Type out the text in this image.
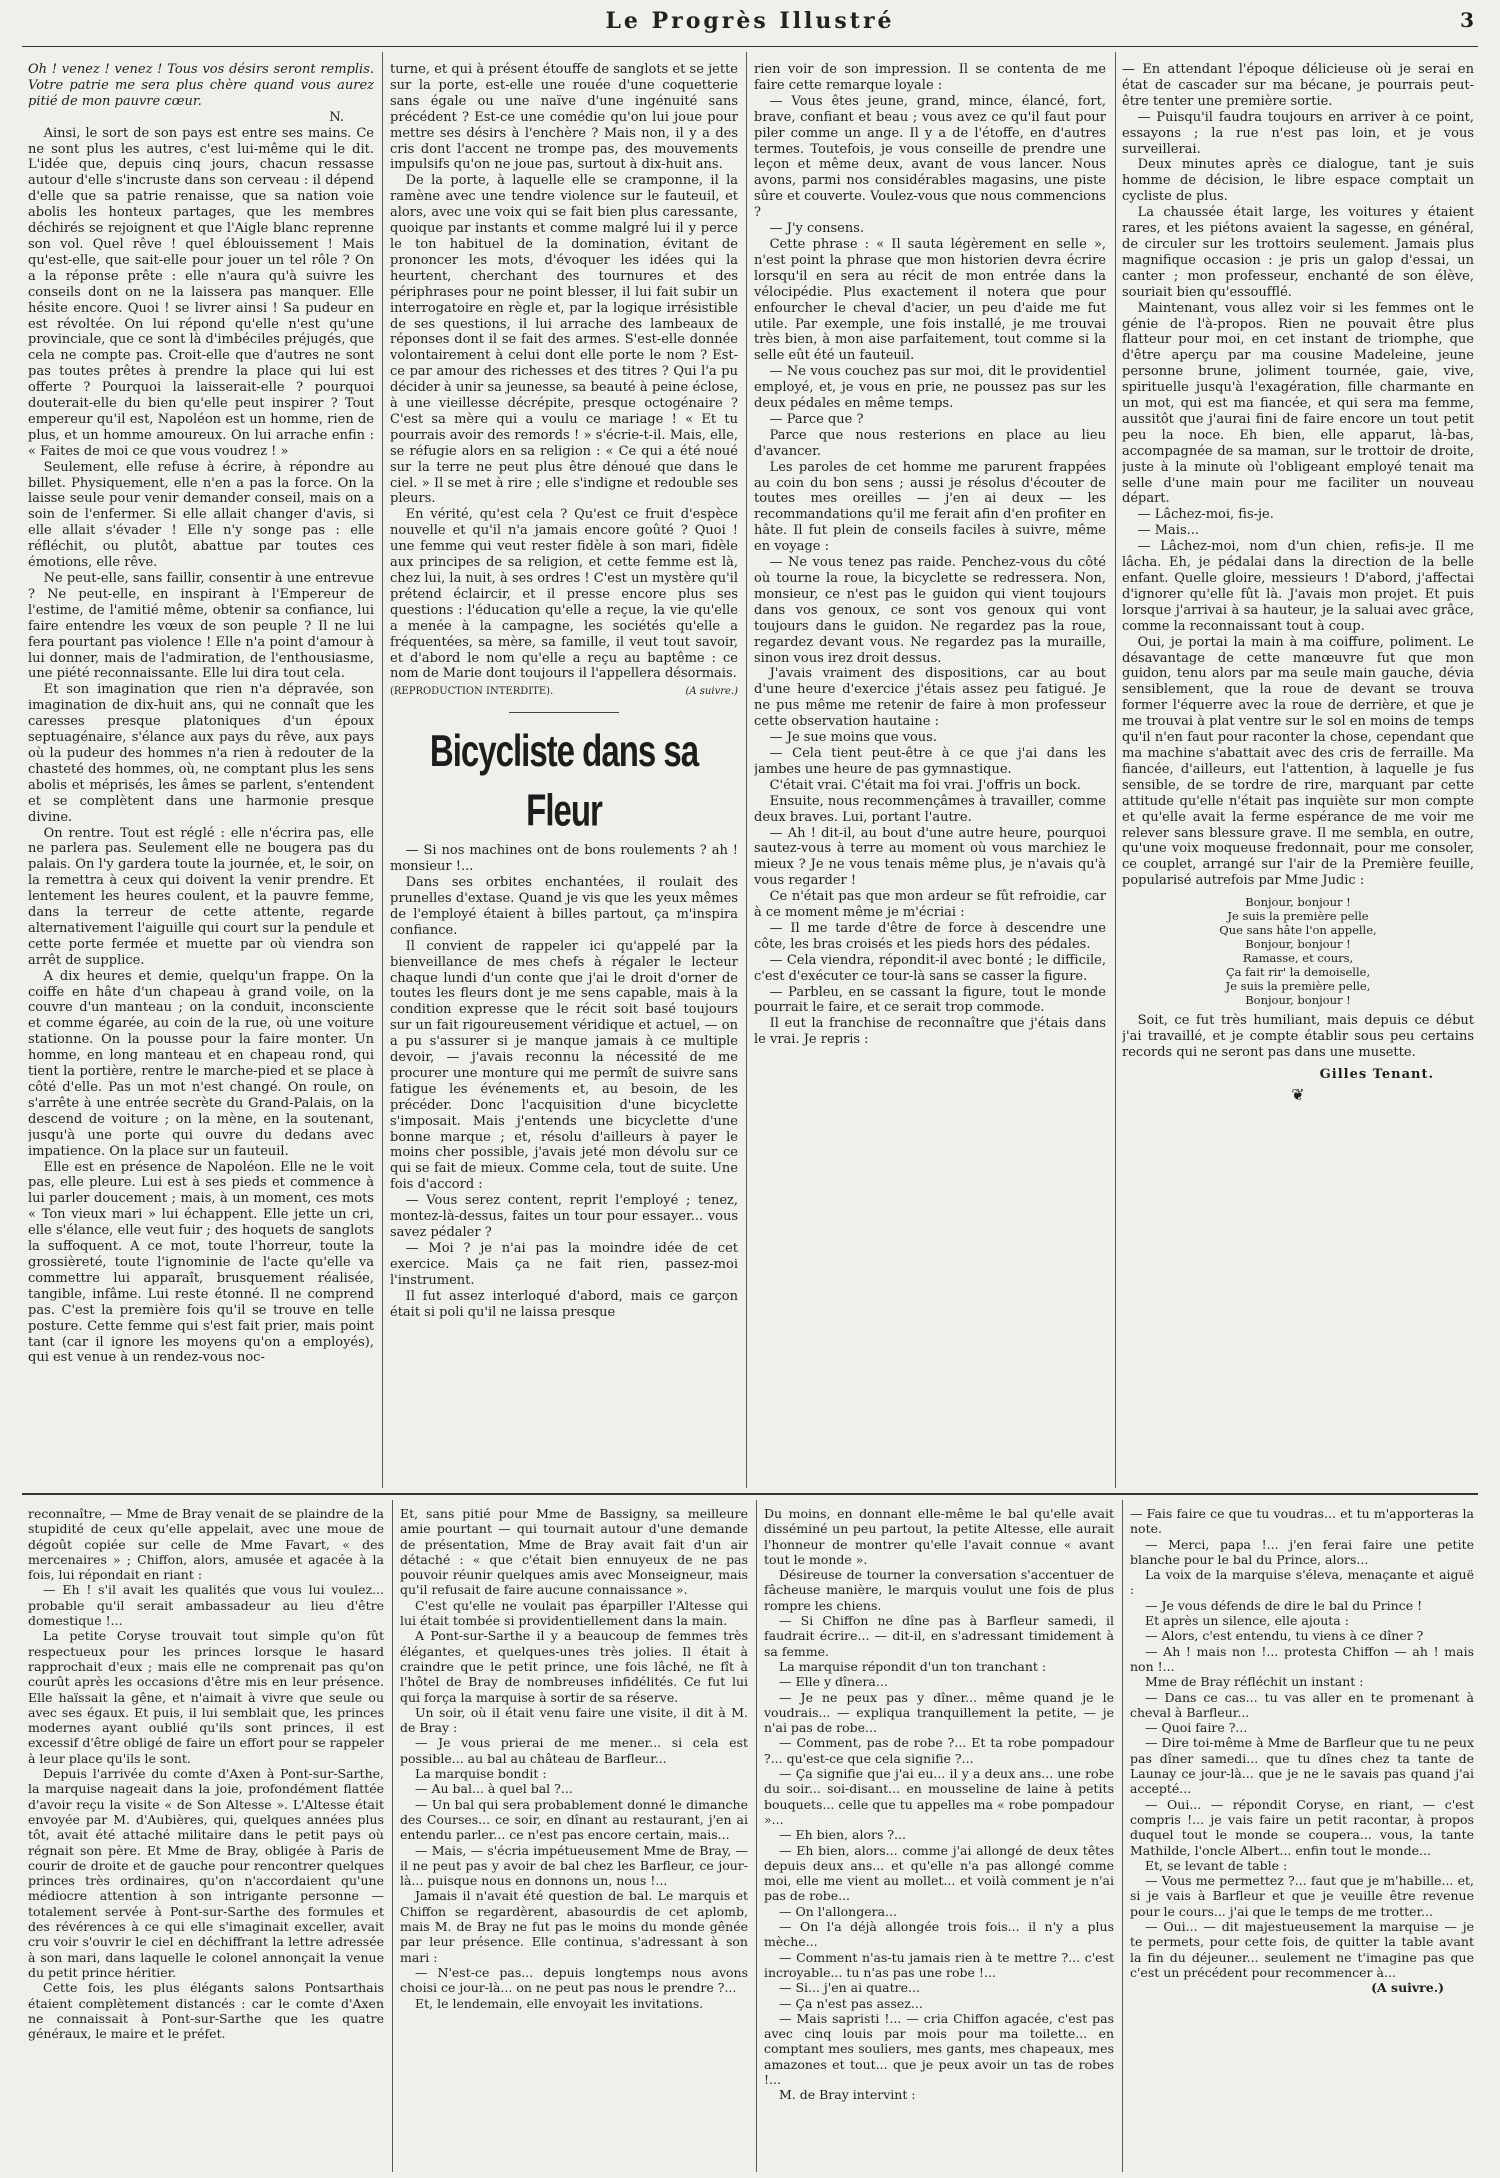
Le Progrès Illustré	3

Oh ! venez ! venez ! Tous vos désirs seront remplis. Votre patrie me sera plus chère quand vous aurez pitié de mon pauvre cœur.

N.

Ainsi, le sort de son pays est entre ses mains. Ce ne sont plus les autres, c'est lui-même qui le dit. L'idée que, depuis cinq jours, chacun ressasse autour d'elle s'incruste dans son cerveau : il dépend d'elle que sa patrie renaisse, que sa nation voie abolis les honteux partages, que les membres déchirés se rejoignent et que l'Aigle blanc reprenne son vol. Quel rêve ! quel éblouissement ! Mais qu'est-elle, que sait-elle pour jouer un tel rôle ? On a la réponse prête : elle n'aura qu'à suivre les conseils dont on ne la laissera pas manquer. Elle hésite encore. Quoi ! se livrer ainsi ! Sa pudeur en est révoltée. On lui répond qu'elle n'est qu'une provinciale, que ce sont là d'imbéciles préjugés, que cela ne compte pas. Croit-elle que d'autres ne sont pas toutes prêtes à prendre la place qui lui est offerte ? Pourquoi la laisserait-elle ? pourquoi douterait-elle du bien qu'elle peut inspirer ? Tout empereur qu'il est, Napoléon est un homme, rien de plus, et un homme amoureux. On lui arrache enfin : « Faites de moi ce que vous voudrez ! »

Seulement, elle refuse à écrire, à répondre au billet. Physiquement, elle n'en a pas la force. On la laisse seule pour venir demander conseil, mais on a soin de l'enfermer. Si elle allait changer d'avis, si elle allait s'évader ! Elle n'y songe pas : elle réfléchit, ou plutôt, abattue par toutes ces émotions, elle rêve.

Ne peut-elle, sans faillir, consentir à une entrevue ? Ne peut-elle, en inspirant à l'Empereur de l'estime, de l'amitié même, obtenir sa confiance, lui faire entendre les vœux de son peuple ? Il ne lui fera pourtant pas violence ! Elle n'a point d'amour à lui donner, mais de l'admiration, de l'enthousiasme, une piété reconnaissante. Elle lui dira tout cela.

Et son imagination que rien n'a dépravée, son imagination de dix-huit ans, qui ne connaît que les caresses presque platoniques d'un époux septuagénaire, s'élance aux pays du rêve, aux pays où la pudeur des hommes n'a rien à redouter de la chasteté des hommes, où, ne comptant plus les sens abolis et méprisés, les âmes se parlent, s'entendent et se complètent dans une harmonie presque divine.

On rentre. Tout est réglé : elle n'écrira pas, elle ne parlera pas. Seulement elle ne bougera pas du palais. On l'y gardera toute la journée, et, le soir, on la remettra à ceux qui doivent la venir prendre. Et lentement les heures coulent, et la pauvre femme, dans la terreur de cette attente, regarde alternativement l'aiguille qui court sur la pendule et cette porte fermée et muette par où viendra son arrêt de supplice.

A dix heures et demie, quelqu'un frappe. On la coiffe en hâte d'un chapeau à grand voile, on la couvre d'un manteau ; on la conduit, inconsciente et comme égarée, au coin de la rue, où une voiture stationne. On la pousse pour la faire monter. Un homme, en long manteau et en chapeau rond, qui tient la portière, rentre le marche-pied et se place à côté d'elle. Pas un mot n'est changé. On roule, on s'arrête à une entrée secrète du Grand-Palais, on la descend de voiture ; on la mène, en la soutenant, jusqu'à une porte qui ouvre du dedans avec impatience. On la place sur un fauteuil.

Elle est en présence de Napoléon. Elle ne le voit pas, elle pleure. Lui est à ses pieds et commence à lui parler doucement ; mais, à un moment, ces mots « Ton vieux mari » lui échappent. Elle jette un cri, elle s'élance, elle veut fuir ; des hoquets de sanglots la suffoquent. A ce mot, toute l'horreur, toute la grossièreté, toute l'ignominie de l'acte qu'elle va commettre lui apparaît, brusquement réalisée, tangible, infâme. Lui reste étonné. Il ne comprend pas. C'est la première fois qu'il se trouve en telle posture. Cette femme qui s'est fait prier, mais point tant (car il ignore les moyens qu'on a employés), qui est venue à un rendez-vous noc-

turne, et qui à présent étouffe de sanglots et se jette sur la porte, est-elle une rouée d'une coquetterie sans égale ou une naïve d'une ingénuité sans précédent ? Est-ce une comédie qu'on lui joue pour mettre ses désirs à l'enchère ? Mais non, il y a des cris dont l'accent ne trompe pas, des mouvements impulsifs qu'on ne joue pas, surtout à dix-huit ans.

De la porte, à laquelle elle se cramponne, il la ramène avec une tendre violence sur le fauteuil, et alors, avec une voix qui se fait bien plus caressante, quoique par instants et comme malgré lui il y perce le ton habituel de la domination, évitant de prononcer les mots, d'évoquer les idées qui la heurtent, cherchant des tournures et des périphrases pour ne point blesser, il lui fait subir un interrogatoire en règle et, par la logique irrésistible de ses questions, il lui arrache des lambeaux de réponses dont il se fait des armes. S'est-elle donnée volontairement à celui dont elle porte le nom ? Est-ce par amour des richesses et des titres ? Qui l'a pu décider à unir sa jeunesse, sa beauté à peine éclose, à une vieillesse décrépite, presque octogénaire ? C'est sa mère qui a voulu ce mariage ! « Et tu pourrais avoir des remords ! » s'écrie-t-il. Mais, elle, se réfugie alors en sa religion : « Ce qui a été noué sur la terre ne peut plus être dénoué que dans le ciel. » Il se met à rire ; elle s'indigne et redouble ses pleurs.

En vérité, qu'est cela ? Qu'est ce fruit d'espèce nouvelle et qu'il n'a jamais encore goûté ? Quoi ! une femme qui veut rester fidèle à son mari, fidèle aux principes de sa religion, et cette femme est là, chez lui, la nuit, à ses ordres ! C'est un mystère qu'il prétend éclaircir, et il presse encore plus ses questions : l'éducation qu'elle a reçue, la vie qu'elle a menée à la campagne, les sociétés qu'elle a fréquentées, sa mère, sa famille, il veut tout savoir, et d'abord le nom qu'elle a reçu au baptême : ce nom de Marie dont toujours il l'appellera désormais.

(REPRODUCTION INTERDITE).	(A suivre.)
Bicycliste dans sa Fleur

— Si nos machines ont de bons roulements ? ah ! monsieur !...

Dans ses orbites enchantées, il roulait des prunelles d'extase. Quand je vis que les yeux mêmes de l'employé étaient à billes partout, ça m'inspira confiance.

Il convient de rappeler ici qu'appelé par la bienveillance de mes chefs à régaler le lecteur chaque lundi d'un conte que j'ai le droit d'orner de toutes les fleurs dont je me sens capable, mais à la condition expresse que le récit soit basé toujours sur un fait rigoureusement véridique et actuel, — on a pu s'assurer si je manque jamais à ce multiple devoir, — j'avais reconnu la nécessité de me procurer une monture qui me permît de suivre sans fatigue les événements et, au besoin, de les précéder. Donc l'acquisition d'une bicyclette s'imposait. Mais j'entends une bicyclette d'une bonne marque ; et, résolu d'ailleurs à payer le moins cher possible, j'avais jeté mon dévolu sur ce qui se fait de mieux. Comme cela, tout de suite. Une fois d'accord :

— Vous serez content, reprit l'employé ; tenez, montez-là-dessus, faites un tour pour essayer... vous savez pédaler ?

— Moi ? je n'ai pas la moindre idée de cet exercice. Mais ça ne fait rien, passez-moi l'instrument.

Il fut assez interloqué d'abord, mais ce garçon était si poli qu'il ne laissa presque

rien voir de son impression. Il se contenta de me faire cette remarque loyale :

— Vous êtes jeune, grand, mince, élancé, fort, brave, confiant et beau ; vous avez ce qu'il faut pour piler comme un ange. Il y a de l'étoffe, en d'autres termes. Toutefois, je vous conseille de prendre une leçon et même deux, avant de vous lancer. Nous avons, parmi nos considérables magasins, une piste sûre et couverte. Voulez-vous que nous commencions ?

— J'y consens.

Cette phrase : « Il sauta légèrement en selle », n'est point la phrase que mon historien devra écrire lorsqu'il en sera au récit de mon entrée dans la vélocipédie. Plus exactement il notera que pour enfourcher le cheval d'acier, un peu d'aide me fut utile. Par exemple, une fois installé, je me trouvai très bien, à mon aise parfaitement, tout comme si la selle eût été un fauteuil.

— Ne vous couchez pas sur moi, dit le providentiel employé, et, je vous en prie, ne poussez pas sur les deux pédales en même temps.

— Parce que ?

Parce que nous resterions en place au lieu d'avancer.

Les paroles de cet homme me parurent frappées au coin du bon sens ; aussi je résolus d'écouter de toutes mes oreilles — j'en ai deux — les recommandations qu'il me ferait afin d'en profiter en hâte. Il fut plein de conseils faciles à suivre, même en voyage :

— Ne vous tenez pas raide. Penchez-vous du côté où tourne la roue, la bicyclette se redressera. Non, monsieur, ce n'est pas le guidon qui vient toujours dans vos genoux, ce sont vos genoux qui vont toujours dans le guidon. Ne regardez pas la roue, regardez devant vous. Ne regardez pas la muraille, sinon vous irez droit dessus.

J'avais vraiment des dispositions, car au bout d'une heure d'exercice j'étais assez peu fatigué. Je ne pus même me retenir de faire à mon professeur cette observation hautaine :

— Je sue moins que vous.

— Cela tient peut-être à ce que j'ai dans les jambes une heure de pas gymnastique.

C'était vrai. C'était ma foi vrai. J'offris un bock.

Ensuite, nous recommençâmes à travailler, comme deux braves. Lui, portant l'autre.

— Ah ! dit-il, au bout d'une autre heure, pourquoi sautez-vous à terre au moment où vous marchiez le mieux ? Je ne vous tenais même plus, je n'avais qu'à vous regarder !

Ce n'était pas que mon ardeur se fût refroidie, car à ce moment même je m'écriai :

— Il me tarde d'être de force à descendre une côte, les bras croisés et les pieds hors des pédales.

— Cela viendra, répondit-il avec bonté ; le difficile, c'est d'exécuter ce tour-là sans se casser la figure.

— Parbleu, en se cassant la figure, tout le monde pourrait le faire, et ce serait trop commode.

Il eut la franchise de reconnaître que j'étais dans le vrai. Je repris :

— En attendant l'époque délicieuse où je serai en état de cascader sur ma bécane, je pourrais peut-être tenter une première sortie.

— Puisqu'il faudra toujours en arriver à ce point, essayons ; la rue n'est pas loin, et je vous surveillerai.

Deux minutes après ce dialogue, tant je suis homme de décision, le libre espace comptait un cycliste de plus.

La chaussée était large, les voitures y étaient rares, et les piétons avaient la sagesse, en général, de circuler sur les trottoirs seulement. Jamais plus magnifique occasion : je pris un galop d'essai, un canter ; mon professeur, enchanté de son élève, souriait bien qu'essoufflé.

Maintenant, vous allez voir si les femmes ont le génie de l'à-propos. Rien ne pouvait être plus flatteur pour moi, en cet instant de triomphe, que d'être aperçu par ma cousine Madeleine, jeune personne brune, joliment tournée, gaie, vive, spirituelle jusqu'à l'exagération, fille charmante en un mot, qui est ma fiancée, et qui sera ma femme, aussitôt que j'aurai fini de faire encore un tout petit peu la noce. Eh bien, elle apparut, là-bas, accompagnée de sa maman, sur le trottoir de droite, juste à la minute où l'obligeant employé tenait ma selle d'une main pour me faciliter un nouveau départ.

— Lâchez-moi, fis-je.

— Mais...

— Lâchez-moi, nom d'un chien, refis-je. Il me lâcha. Eh, je pédalai dans la direction de la belle enfant. Quelle gloire, messieurs ! D'abord, j'affectai d'ignorer qu'elle fût là. J'avais mon projet. Et puis lorsque j'arrivai à sa hauteur, je la saluai avec grâce, comme la reconnaissant tout à coup.

Oui, je portai la main à ma coiffure, poliment. Le désavantage de cette manœuvre fut que mon guidon, tenu alors par ma seule main gauche, dévia sensiblement, que la roue de devant se trouva former l'équerre avec la roue de derrière, et que je me trouvai à plat ventre sur le sol en moins de temps qu'il n'en faut pour raconter la chose, cependant que ma machine s'abattait avec des cris de ferraille. Ma fiancée, d'ailleurs, eut l'attention, à laquelle je fus sensible, de se tordre de rire, marquant par cette attitude qu'elle n'était pas inquiète sur mon compte et qu'elle avait la ferme espérance de me voir me relever sans blessure grave. Il me sembla, en outre, qu'une voix moqueuse fredonnait, pour me consoler, ce couplet, arrangé sur l'air de la Première feuille, popularisé autrefois par Mme Judic :

Bonjour, bonjour !
Je suis la première pelle
Que sans hâte l'on appelle,
Bonjour, bonjour !
Ramasse, et cours,
Ça fait rir' la demoiselle,
Je suis la première pelle,
Bonjour, bonjour !

Soit, ce fut très humiliant, mais depuis ce début j'ai travaillé, et je compte établir sous peu certains records qui ne seront pas dans une musette.

Gilles Tenant.
❦

reconnaître, — Mme de Bray venait de se plaindre de la stupidité de ceux qu'elle appelait, avec une moue de dégoût copiée sur celle de Mme Favart, « des mercenaires » ; Chiffon, alors, amusée et agacée à la fois, lui répondait en riant :

— Eh ! s'il avait les qualités que vous lui voulez... probable qu'il serait ambassadeur au lieu d'être domestique !...

La petite Coryse trouvait tout simple qu'on fût respectueux pour les princes lorsque le hasard rapprochait d'eux ; mais elle ne comprenait pas qu'on courût après les occasions d'être mis en leur présence. Elle haïssait la gêne, et n'aimait à vivre que seule ou avec ses égaux. Et puis, il lui semblait que, les princes modernes ayant oublié qu'ils sont princes, il est excessif d'être obligé de faire un effort pour se rappeler à leur place qu'ils le sont.

Depuis l'arrivée du comte d'Axen à Pont-sur-Sarthe, la marquise nageait dans la joie, profondément flattée d'avoir reçu la visite « de Son Altesse ». L'Altesse était envoyée par M. d'Aubières, qui, quelques années plus tôt, avait été attaché militaire dans le petit pays où régnait son père. Et Mme de Bray, obligée à Paris de courir de droite et de gauche pour rencontrer quelques princes très ordinaires, qu'on n'accordaient qu'une médiocre attention à son intrigante personne — totalement servée à Pont-sur-Sarthe des formules et des révérences à ce qui elle s'imaginait exceller, avait cru voir s'ouvrir le ciel en déchiffrant la lettre adressée à son mari, dans laquelle le colonel annonçait la venue du petit prince héritier.

Cette fois, les plus élégants salons Pontsarthais étaient complètement distancés : car le comte d'Axen ne connaissait à Pont-sur-Sarthe que les quatre généraux, le maire et le préfet.

Et, sans pitié pour Mme de Bassigny, sa meilleure amie pourtant — qui tournait autour d'une demande de présentation, Mme de Bray avait fait d'un air détaché : « que c'était bien ennuyeux de ne pas pouvoir réunir quelques amis avec Monseigneur, mais qu'il refusait de faire aucune connaissance ».

C'est qu'elle ne voulait pas éparpiller l'Altesse qui lui était tombée si providentiellement dans la main.

A Pont-sur-Sarthe il y a beaucoup de femmes très élégantes, et quelques-unes très jolies. Il était à craindre que le petit prince, une fois lâché, ne fît à l'hôtel de Bray de nombreuses infidélités. Ce fut lui qui força la marquise à sortir de sa réserve.

Un soir, où il était venu faire une visite, il dit à M. de Bray :

— Je vous prierai de me mener... si cela est possible... au bal au château de Barfleur...

La marquise bondit :

— Au bal... à quel bal ?...

— Un bal qui sera probablement donné le dimanche des Courses... ce soir, en dînant au restaurant, j'en ai entendu parler... ce n'est pas encore certain, mais...

— Mais, — s'écria impétueusement Mme de Bray, — il ne peut pas y avoir de bal chez les Barfleur, ce jour-là... puisque nous en donnons un, nous !...

Jamais il n'avait été question de bal. Le marquis et Chiffon se regardèrent, abasourdis de cet aplomb, mais M. de Bray ne fut pas le moins du monde gênée par leur présence. Elle continua, s'adressant à son mari :

— N'est-ce pas... depuis longtemps nous avons choisi ce jour-là... on ne peut pas nous le prendre ?...

Et, le lendemain, elle envoyait les invitations.

Du moins, en donnant elle-même le bal qu'elle avait disséminé un peu partout, la petite Altesse, elle aurait l'honneur de montrer qu'elle l'avait connue « avant tout le monde ».

Désireuse de tourner la conversation s'accentuer de fâcheuse manière, le marquis voulut une fois de plus rompre les chiens.

— Si Chiffon ne dîne pas à Barfleur samedi, il faudrait écrire... — dit-il, en s'adressant timidement à sa femme.

La marquise répondit d'un ton tranchant :

— Elle y dînera...

— Je ne peux pas y dîner... même quand je le voudrais... — expliqua tranquillement la petite, — je n'ai pas de robe...

— Comment, pas de robe ?... Et ta robe pompadour ?... qu'est-ce que cela signifie ?...

— Ça signifie que j'ai eu... il y a deux ans... une robe du soir... soi-disant... en mousseline de laine à petits bouquets... celle que tu appelles ma « robe pompadour »...

— Eh bien, alors ?...

— Eh bien, alors... comme j'ai allongé de deux têtes depuis deux ans... et qu'elle n'a pas allongé comme moi, elle me vient au mollet... et voilà comment je n'ai pas de robe...

— On l'allongera...

— On l'a déjà allongée trois fois... il n'y a plus mèche...

— Comment n'as-tu jamais rien à te mettre ?... c'est incroyable... tu n'as pas une robe !...

— Si... j'en ai quatre...

— Ça n'est pas assez...

— Mais sapristi !... — cria Chiffon agacée, c'est pas avec cinq louis par mois pour ma toilette... en comptant mes souliers, mes gants, mes chapeaux, mes amazones et tout... que je peux avoir un tas de robes !...

M. de Bray intervint :

— Fais faire ce que tu voudras... et tu m'apporteras la note.

— Merci, papa !... j'en ferai faire une petite blanche pour le bal du Prince, alors...

La voix de la marquise s'éleva, menaçante et aiguë :

— Je vous défends de dire le bal du Prince !

Et après un silence, elle ajouta :

— Alors, c'est entendu, tu viens à ce dîner ?

— Ah ! mais non !... protesta Chiffon — ah ! mais non !...

Mme de Bray réfléchit un instant :

— Dans ce cas... tu vas aller en te promenant à cheval à Barfleur...

— Quoi faire ?...

— Dire toi-même à Mme de Barfleur que tu ne peux pas dîner samedi... que tu dînes chez ta tante de Launay ce jour-là... que je ne le savais pas quand j'ai accepté...

— Oui... — répondit Coryse, en riant, — c'est compris !... je vais faire un petit racontar, à propos duquel tout le monde se coupera... vous, la tante Mathilde, l'oncle Albert... enfin tout le monde...

Et, se levant de table :

— Vous me permettez ?... faut que je m'habille... et, si je vais à Barfleur et que je veuille être revenue pour le cours... j'ai que le temps de me trotter...

— Oui... — dit majestueusement la marquise — je te permets, pour cette fois, de quitter la table avant la fin du déjeuner... seulement ne t'imagine pas que c'est un précédent pour recommencer à...

(A suivre.)
